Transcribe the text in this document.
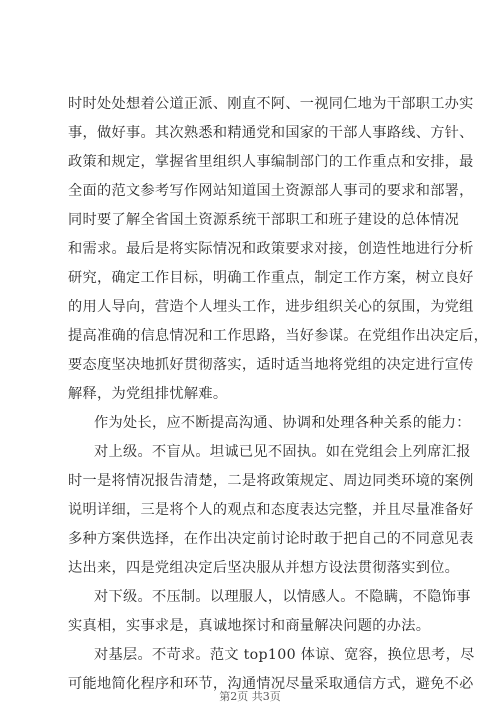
时时处处想着公道正派、刚直不阿、一视同仁地为干部职工办实
事，做好事。其次熟悉和精通党和国家的干部人事路线、方针、
政策和规定，掌握省里组织人事编制部门的工作重点和安排，最
全面的范文参考写作网站知道国土资源部人事司的要求和部署，
同时要了解全省国土资源系统干部职工和班子建设的总体情况
和需求。最后是将实际情况和政策要求对接，创造性地进行分析
研究，确定工作目标，明确工作重点，制定工作方案，树立良好
的用人导向，营造个人埋头工作，进步组织关心的氛围，为党组
提高准确的信息情况和工作思路，当好参谋。在党组作出决定后，
要态度坚决地抓好贯彻落实，适时适当地将党组的决定进行宣传
解释，为党组排忧解难。
作为处长，应不断提高沟通、协调和处理各种关系的能力：
对上级。不盲从。坦诚已见不固执。如在党组会上列席汇报
时一是将情况报告清楚，二是将政策规定、周边同类环境的案例
说明详细，三是将个人的观点和态度表达完整，并且尽量准备好
多种方案供选择，在作出决定前讨论时敢于把自己的不同意见表
达出来，四是党组决定后坚决服从并想方设法贯彻落实到位。
对下级。不压制。以理服人，以情感人。不隐瞒，不隐饰事
实真相，实事求是，真诚地探讨和商量解决问题的办法。
对基层。不苛求。范文 top100 体谅、宽容，换位思考，尽
可能地简化程序和环节，沟通情况尽量采取通信方式，避免不必
第2页 共3页
